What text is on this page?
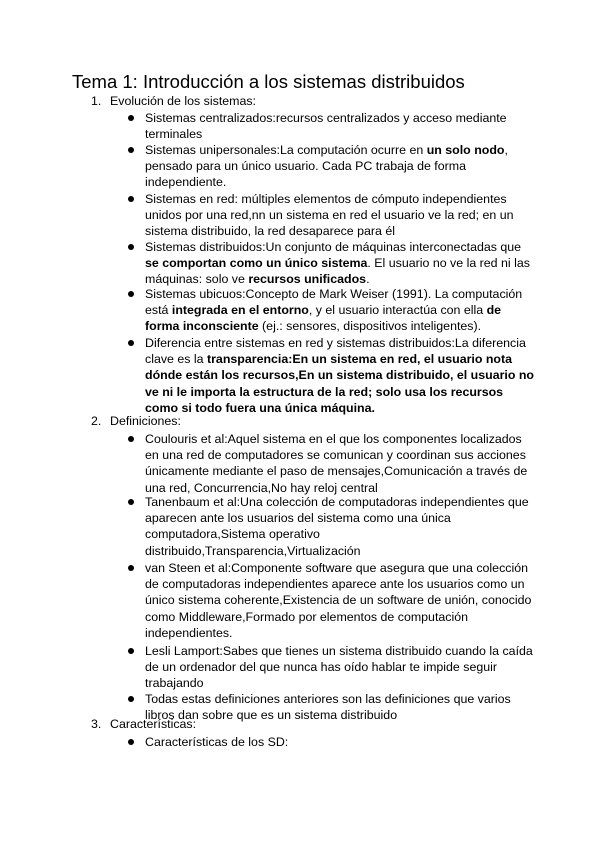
Tema 1: Introducción a los sistemas distribuidos
1. Evolución de los sistemas:
Sistemas centralizados:recursos centralizados y acceso mediante
terminales
Sistemas unipersonales:La computación ocurre en un solo nodo,
pensado para un único usuario. Cada PC trabaja de forma
independiente.
Sistemas en red: múltiples elementos de cómputo independientes
unidos por una red,nn un sistema en red el usuario ve la red; en un
sistema distribuido, la red desaparece para él
Sistemas distribuidos:Un conjunto de máquinas interconectadas que
se comportan como un único sistema. El usuario no ve la red ni las
máquinas: solo ve recursos unificados.
Sistemas ubicuos:Concepto de Mark Weiser (1991). La computación
está integrada en el entorno, y el usuario interactúa con ella de
forma inconsciente (ej.: sensores, dispositivos inteligentes).
Diferencia entre sistemas en red y sistemas distribuidos:La diferencia
clave es la transparencia:En un sistema en red, el usuario nota
dónde están los recursos,En un sistema distribuido, el usuario no
ve ni le importa la estructura de la red; solo usa los recursos
como si todo fuera una única máquina.
2. Definiciones:
Coulouris et al:Aquel sistema en el que los componentes localizados
en una red de computadores se comunican y coordinan sus acciones
únicamente mediante el paso de mensajes,Comunicación a través de
una red, Concurrencia,No hay reloj central
Tanenbaum et al:Una colección de computadoras independientes que
aparecen ante los usuarios del sistema como una única
computadora,Sistema operativo
distribuido,Transparencia,Virtualización
van Steen et al:Componente software que asegura que una colección
de computadoras independientes aparece ante los usuarios como un
único sistema coherente,Existencia de un software de unión, conocido
como Middleware,Formado por elementos de computación
independientes.
Lesli Lamport:Sabes que tienes un sistema distribuido cuando la caída
de un ordenador del que nunca has oído hablar te impide seguir
trabajando
Todas estas definiciones anteriores son las definiciones que varios
libros dan sobre que es un sistema distribuido
3. Características:
Características de los SD:
